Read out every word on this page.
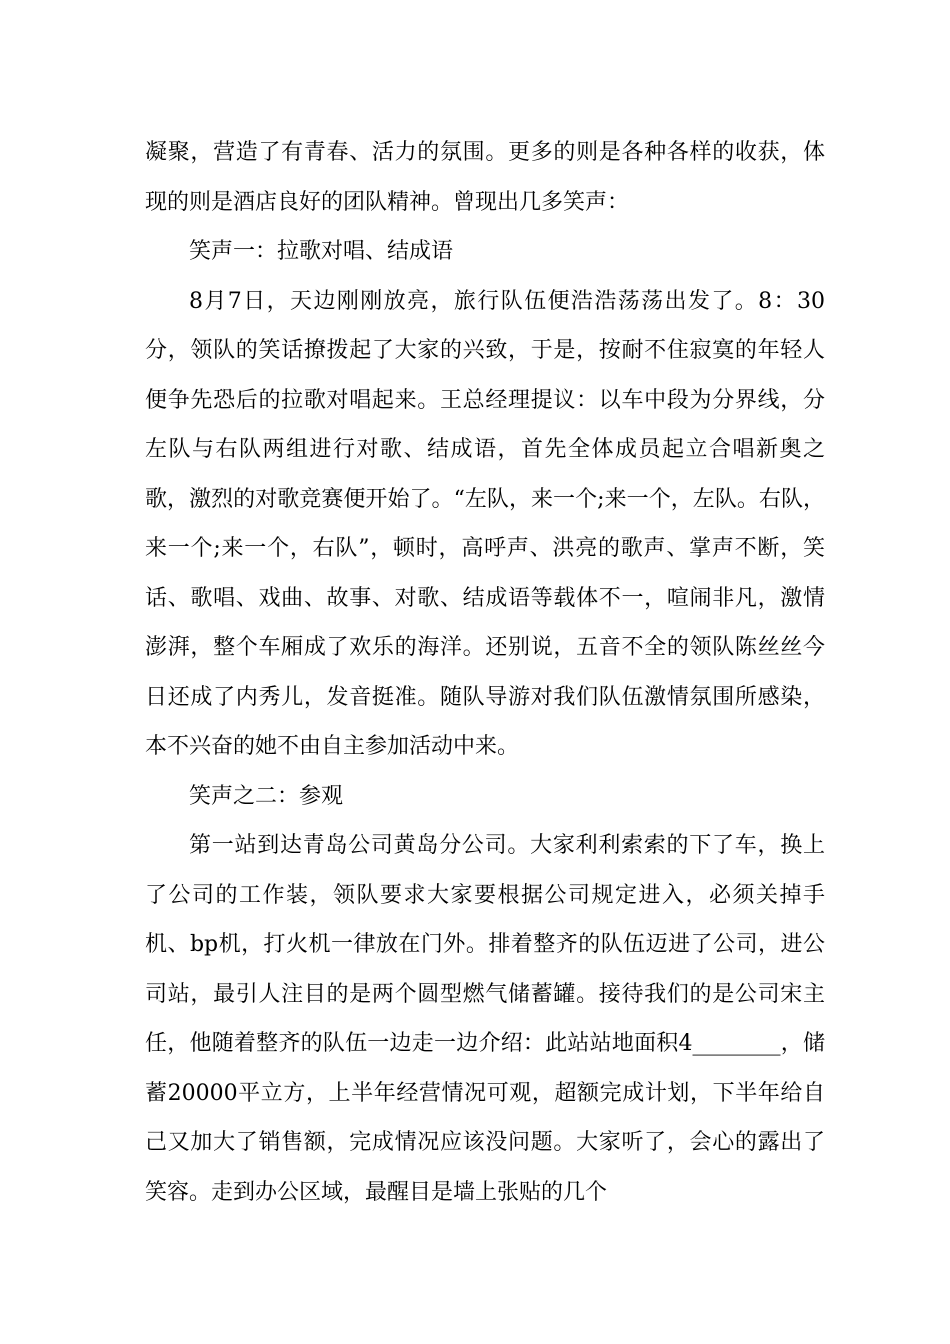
凝聚，营造了有青春、活力的氛围。更多的则是各种各样的收获，体现的则是酒店良好的团队精神。曾现出几多笑声：

笑声一：拉歌对唱、结成语

8月7日，天边刚刚放亮，旅行队伍便浩浩荡荡出发了。8：30分，领队的笑话撩拨起了大家的兴致，于是，按耐不住寂寞的年轻人便争先恐后的拉歌对唱起来。王总经理提议：以车中段为分界线，分左队与右队两组进行对歌、结成语，首先全体成员起立合唱新奥之歌，激烈的对歌竞赛便开始了。“左队，来一个;来一个，左队。右队，来一个;来一个，右队”，顿时，高呼声、洪亮的歌声、掌声不断，笑话、歌唱、戏曲、故事、对歌、结成语等载体不一，喧闹非凡，激情澎湃，整个车厢成了欢乐的海洋。还别说，五音不全的领队陈丝丝今日还成了内秀儿，发音挺准。随队导游对我们队伍激情氛围所感染，本不兴奋的她不由自主参加活动中来。

笑声之二：参观

第一站到达青岛公司黄岛分公司。大家利利索索的下了车，换上了公司的工作装，领队要求大家要根据公司规定进入，必须关掉手机、bp机，打火机一律放在门外。排着整齐的队伍迈进了公司，进公司站，最引人注目的是两个圆型燃气储蓄罐。接待我们的是公司宋主任，他随着整齐的队伍一边走一边介绍：此站站地面积4________，储蓄20000平立方，上半年经营情况可观，超额完成计划，下半年给自己又加大了销售额，完成情况应该没问题。大家听了，会心的露出了笑容。走到办公区域，最醒目是墙上张贴的几个
